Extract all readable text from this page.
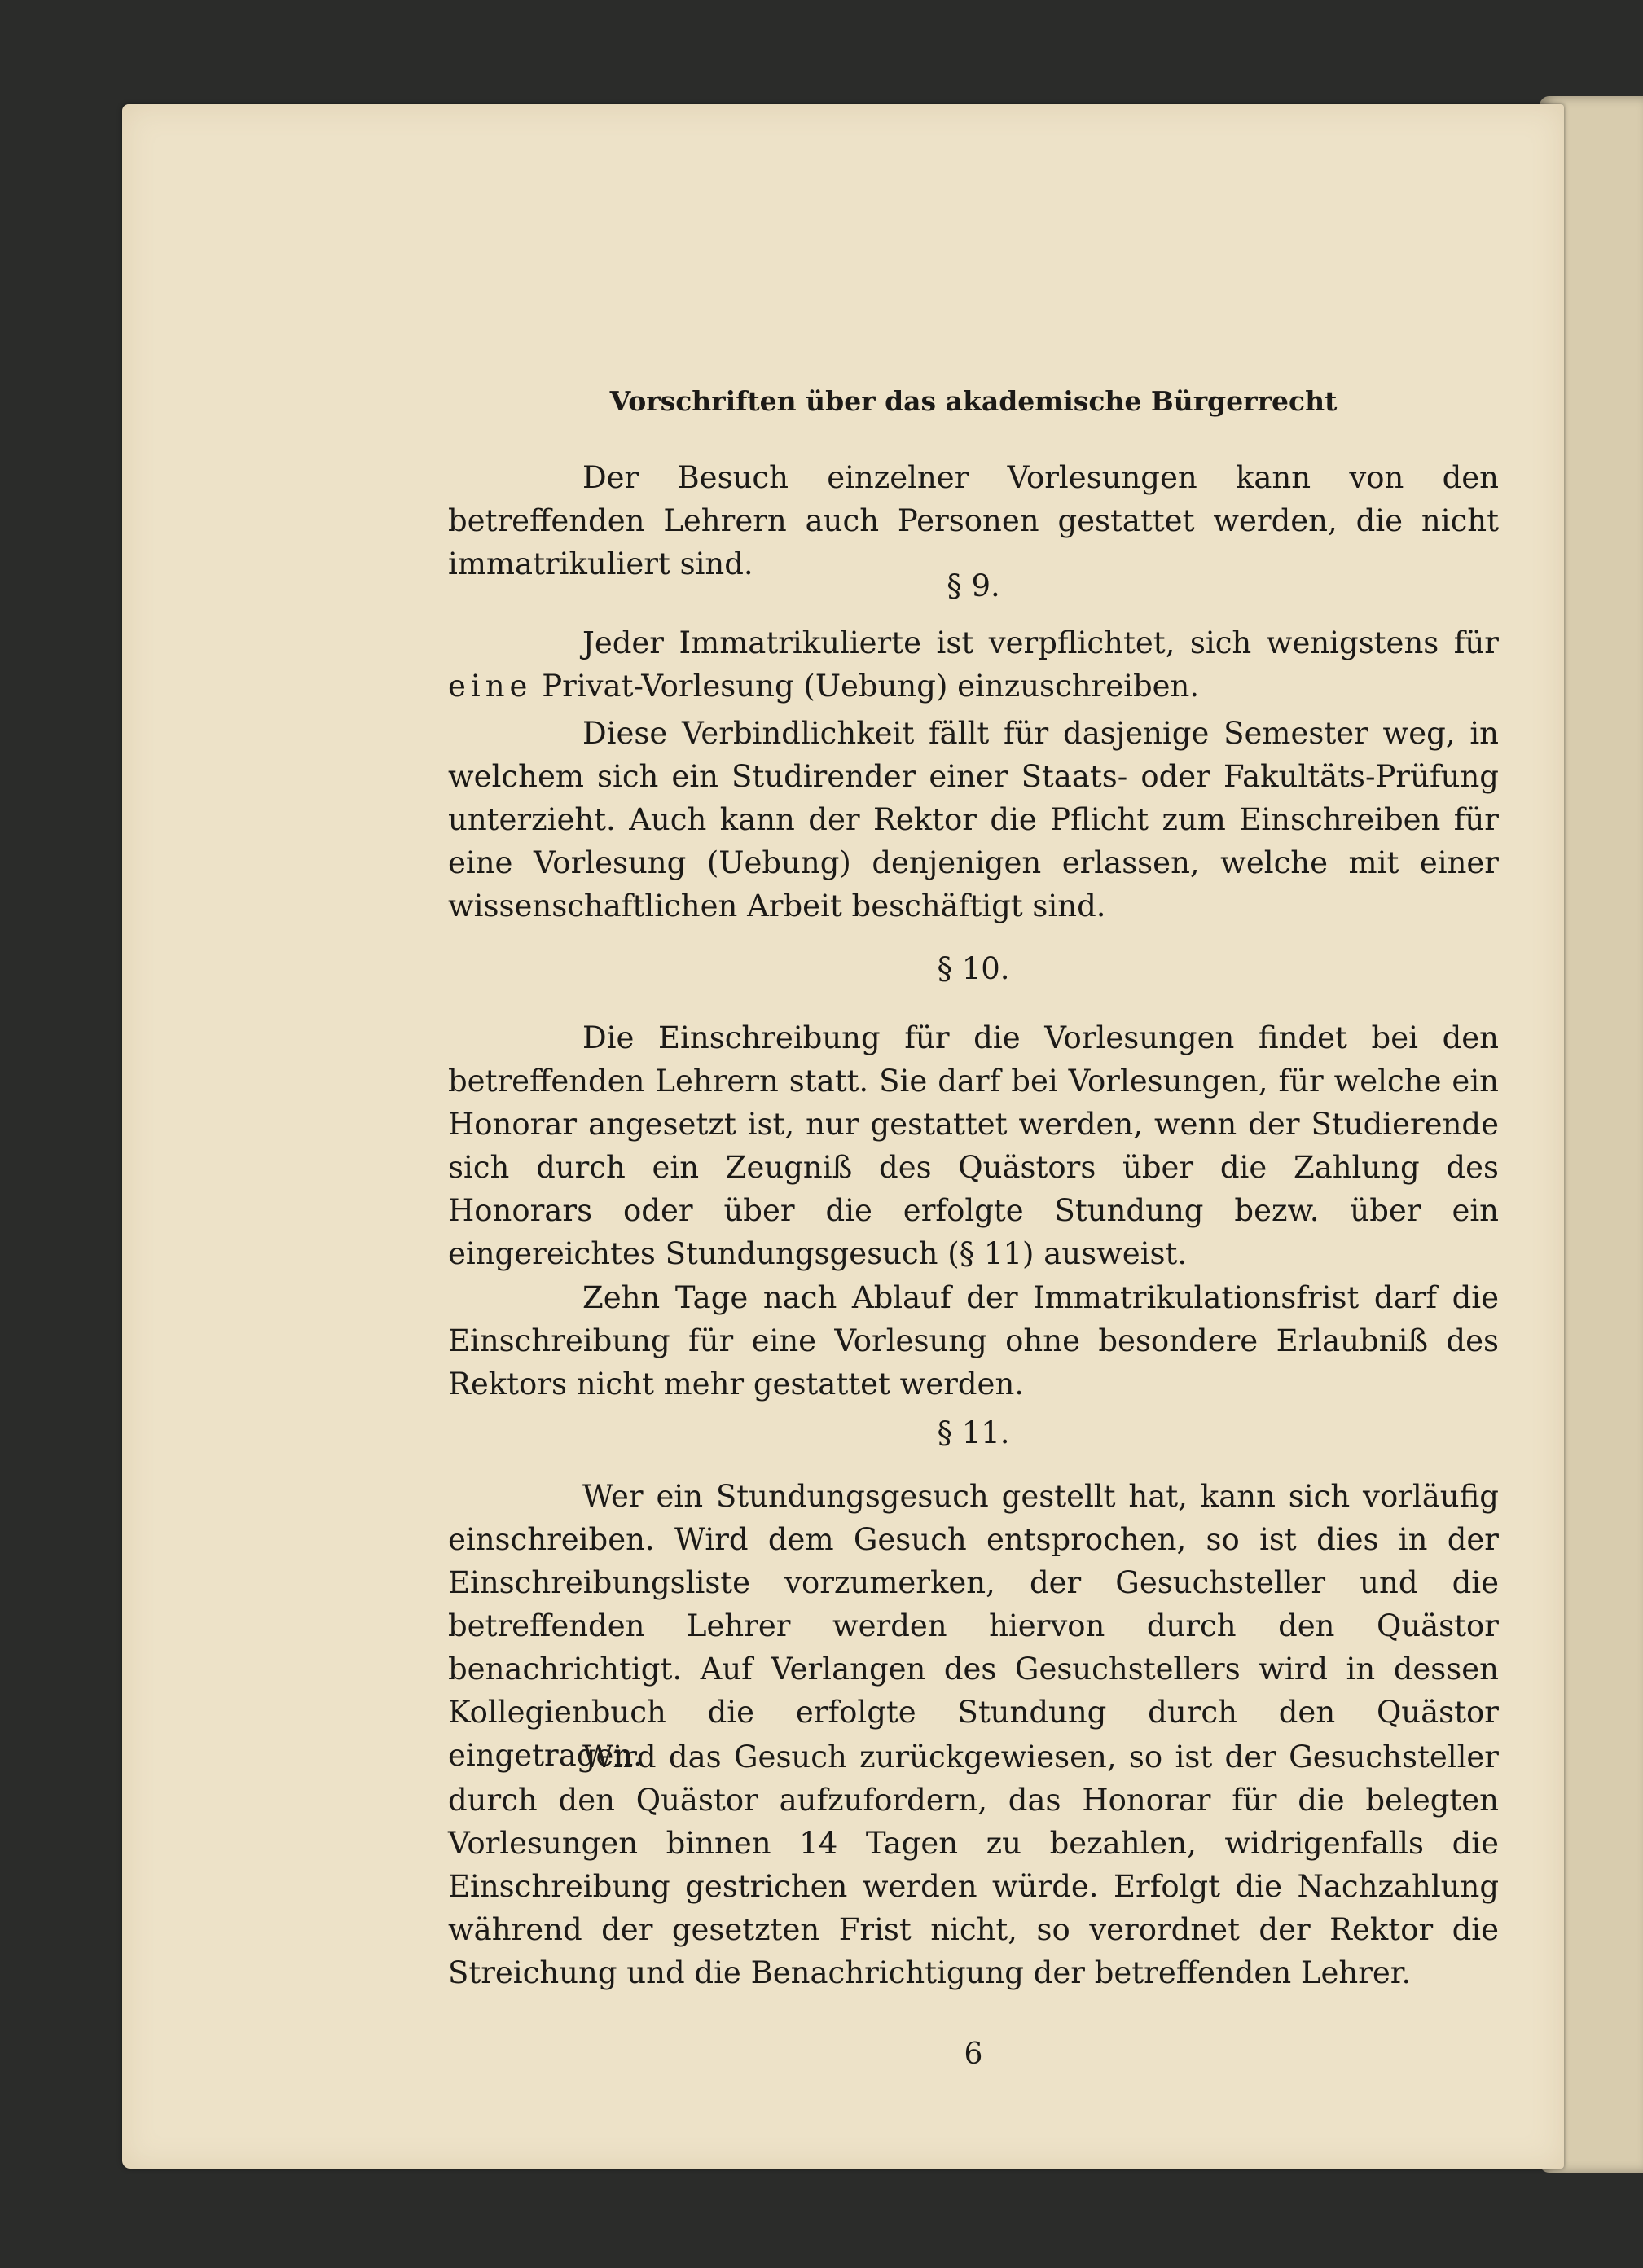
Vorschriften über das akademische Bürgerrecht

Der Besuch einzelner Vorlesungen kann von den betreffenden Lehrern auch Personen gestattet werden, die nicht immatrikuliert sind.

§ 9.

Jeder Immatrikulierte ist verpflichtet, sich wenigstens für eine Privat-Vorlesung (Uebung) einzuschreiben.

Diese Verbindlichkeit fällt für dasjenige Semester weg, in welchem sich ein Studirender einer Staats- oder Fakultäts-Prüfung unterzieht. Auch kann der Rektor die Pflicht zum Einschreiben für eine Vorlesung (Uebung) denjenigen erlassen, welche mit einer wissenschaftlichen Arbeit beschäftigt sind.

§ 10.

Die Einschreibung für die Vorlesungen findet bei den betreffenden Lehrern statt. Sie darf bei Vorlesungen, für welche ein Honorar angesetzt ist, nur gestattet werden, wenn der Studierende sich durch ein Zeugniß des Quästors über die Zahlung des Honorars oder über die erfolgte Stundung bezw. über ein eingereichtes Stundungsgesuch (§ 11) ausweist.

Zehn Tage nach Ablauf der Immatrikulationsfrist darf die Einschreibung für eine Vorlesung ohne besondere Erlaubniß des Rektors nicht mehr gestattet werden.

§ 11.

Wer ein Stundungsgesuch gestellt hat, kann sich vorläufig einschreiben. Wird dem Gesuch entsprochen, so ist dies in der Einschreibungsliste vorzumerken, der Gesuchsteller und die betreffenden Lehrer werden hiervon durch den Quästor benachrichtigt. Auf Verlangen des Gesuchstellers wird in dessen Kollegienbuch die erfolgte Stundung durch den Quästor eingetragen.

Wird das Gesuch zurückgewiesen, so ist der Gesuchsteller durch den Quästor aufzufordern, das Honorar für die belegten Vorlesungen binnen 14 Tagen zu bezahlen, widrigenfalls die Einschreibung gestrichen werden würde. Erfolgt die Nachzahlung während der gesetzten Frist nicht, so verordnet der Rektor die Streichung und die Benachrichtigung der betreffenden Lehrer.

6
